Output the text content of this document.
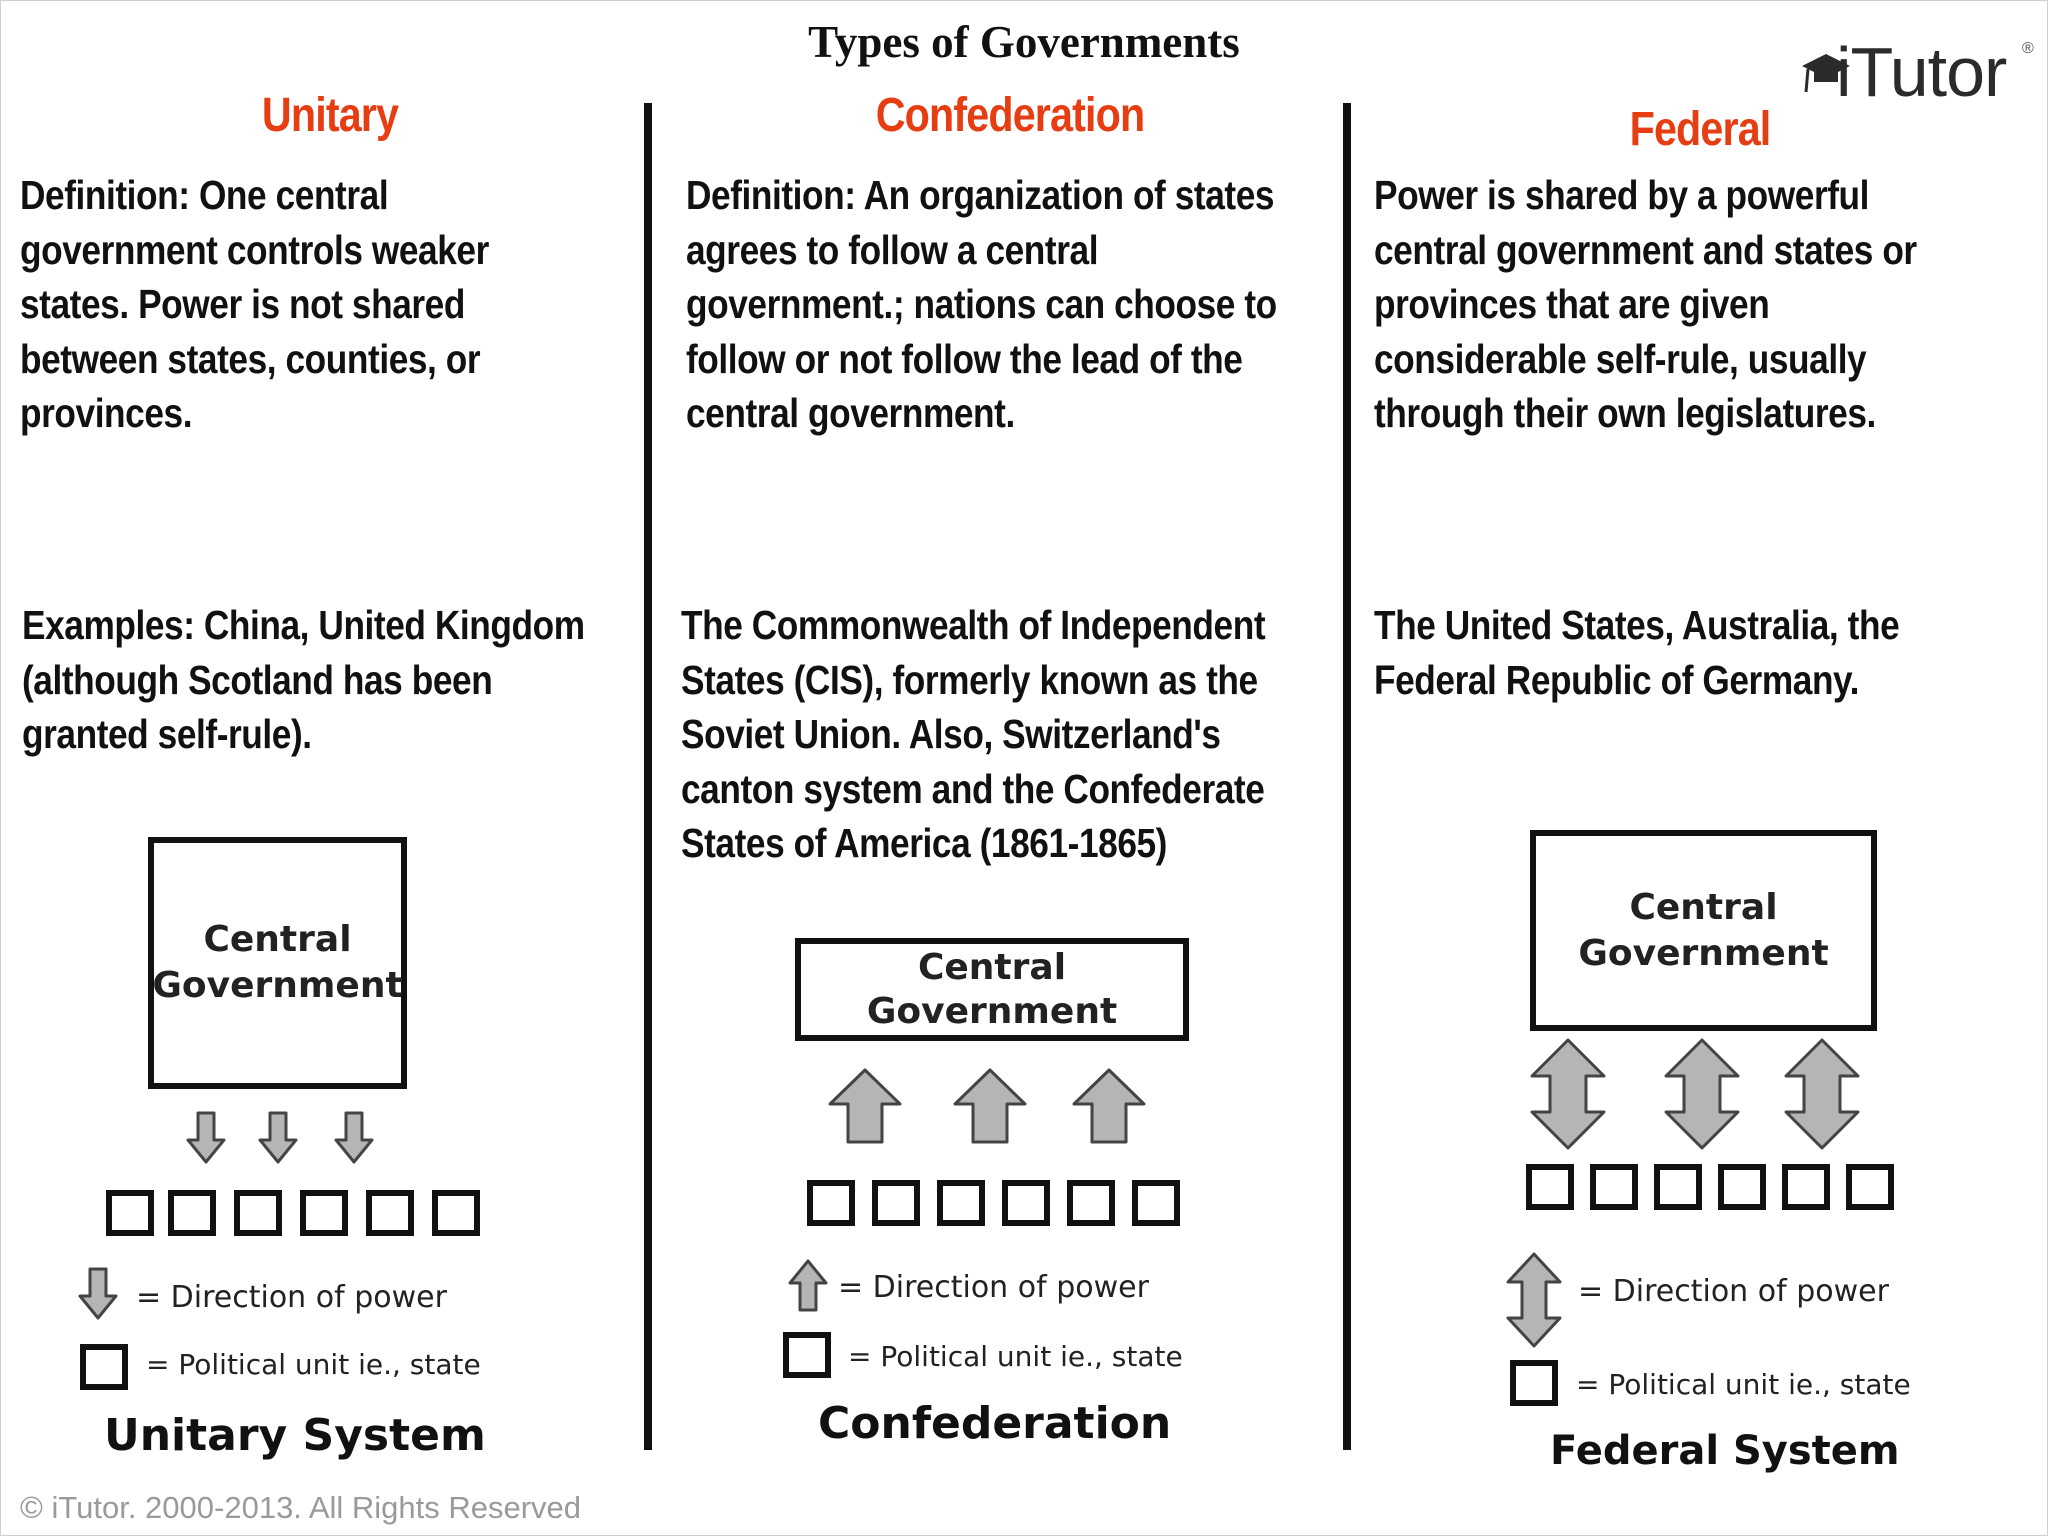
Types of Governments	iTutor ®
Unitary
Definition: One central
government controls weaker
states. Power is not shared
between states, counties, or
provinces.
Examples: China, United Kingdom
(although Scotland has been
granted self-rule).
Confederation
Definition: An organization of states
agrees to follow a central
government.; nations can choose to
follow or not follow the lead of the
central government.
The Commonwealth of Independent
States (CIS), formerly known as the
Soviet Union. Also, Switzerland's
canton system and the Confederate
States of America (1861-1865)
Federal
Power is shared by a powerful
central government and states or
provinces that are given
considerable self-rule, usually
through their own legislatures.
The United States, Australia, the
Federal Republic of Germany.
Central Government
= Direction of power
= Political unit ie., state
Unitary System
Central Government
= Direction of power
= Political unit ie., state
Confederation
Central Government
= Direction of power
= Political unit ie., state
Federal System
© iTutor. 2000-2013. All Rights Reserved
